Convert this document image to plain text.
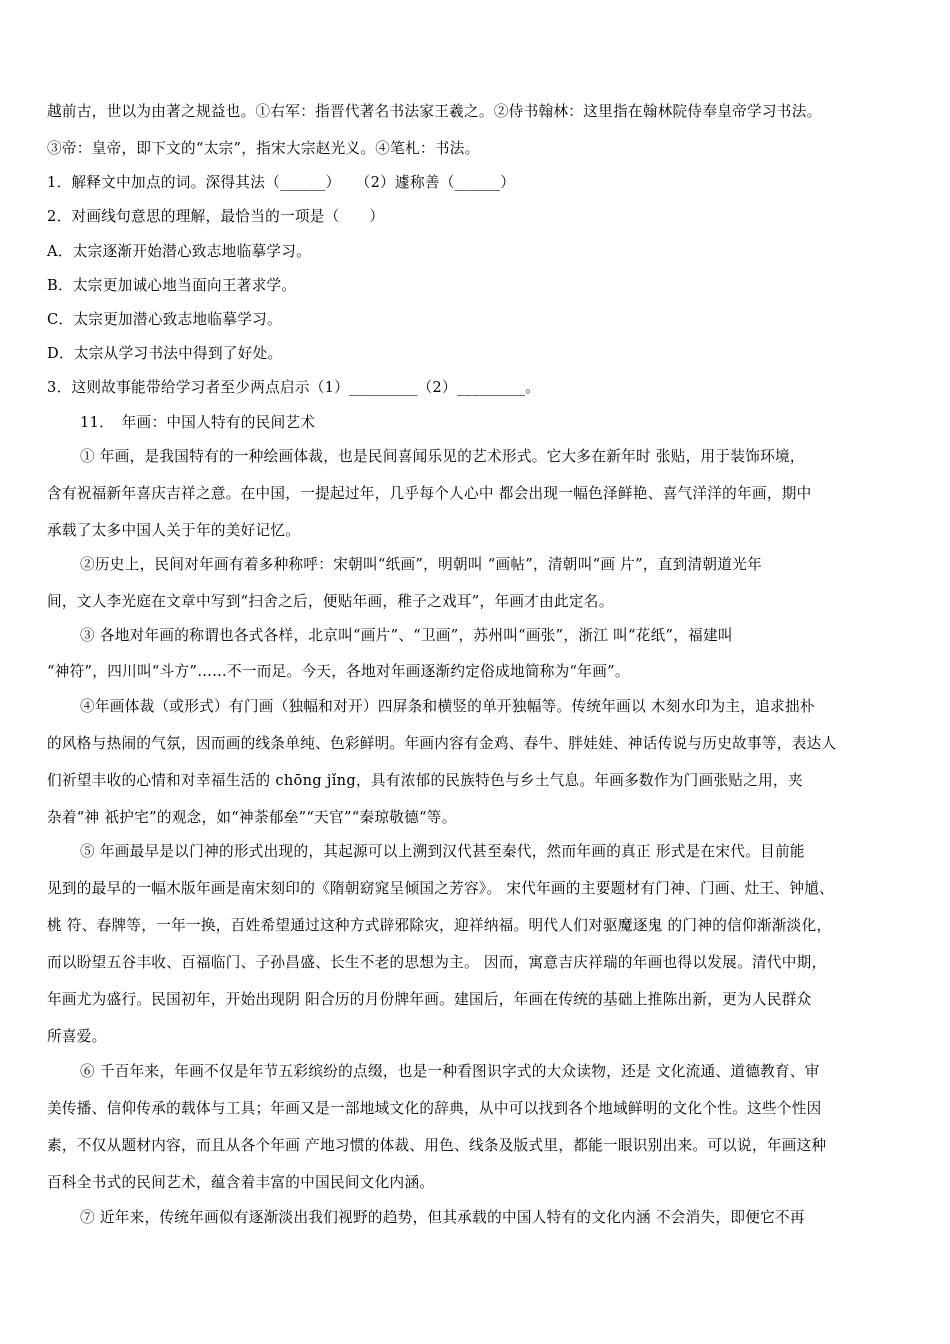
越前古，世以为由著之规益也。①右军：指晋代著名书法家王羲之。②侍书翰林：这里指在翰林院侍奉皇帝学习书法。
③帝：皇帝，即下文的“太宗”，指宋大宗赵光义。④笔札：书法。
1．解释文中加点的词。深得其法（______）　　（2）遽称善（______）
2．对画线句意思的理解，最恰当的一项是（　　）
A．太宗逐渐开始潜心致志地临摹学习。
B．太宗更加诚心地当面向王著求学。
C．太宗更加潜心致志地临摹学习。
D．太宗从学习书法中得到了好处。
3．这则故事能带给学习者至少两点启示（1）_________（2）_________。
11．　年画：中国人特有的民间艺术
① 年画，是我国特有的一种绘画体裁，也是民间喜闻乐见的艺术形式。它大多在新年时 张贴，用于装饰环境，
含有祝福新年喜庆吉祥之意。在中国，一提起过年，几乎每个人心中 都会出现一幅色泽鲜艳、喜气洋洋的年画，期中
承载了太多中国人关于年的美好记忆。
②历史上，民间对年画有着多种称呼：宋朝叫“纸画”，明朝叫 “画帖”，清朝叫“画 片”，直到清朝道光年
间，文人李光庭在文章中写到“扫舍之后，便贴年画，稚子之戏耳”，年画才由此定名。
③ 各地对年画的称谓也各式各样，北京叫“画片”、“卫画”，苏州叫“画张”，浙江 叫“花纸”，福建叫
“神符”，四川叫“斗方”……不一而足。今天，各地对年画逐渐约定俗成地简称为“年画”。
④年画体裁（或形式）有门画（独幅和对开）四屏条和横竖的单开独幅等。传统年画以 木刻水印为主，追求拙朴
的风格与热闹的气氛，因而画的线条单纯、色彩鲜明。年画内容有金鸡、春牛、胖娃娃、神话传说与历史故事等，表达人
们祈望丰收的心情和对幸福生活的 chōng jǐng，具有浓郁的民族特色与乡土气息。年画多数作为门画张贴之用，夹
杂着“神 祇护宅”的观念，如“神荼郁垒”“天官”“秦琼敬德“等。
⑤ 年画最早是以门神的形式出现的，其起源可以上溯到汉代甚至秦代，然而年画的真正 形式是在宋代。目前能
见到的最早的一幅木版年画是南宋刻印的《隋朝窈窕呈倾国之芳容》。 宋代年画的主要题材有门神、门画、灶王、钟馗、
桃 符、春牌等，一年一换，百姓希望通过这种方式辟邪除灾，迎祥纳福。明代人们对驱魔逐鬼 的门神的信仰渐渐淡化，
而以盼望五谷丰收、百福临门、子孙昌盛、长生不老的思想为主。 因而，寓意吉庆祥瑞的年画也得以发展。清代中期，
年画尤为盛行。民国初年，开始出现阴 阳合历的月份牌年画。建国后，年画在传统的基础上推陈出新，更为人民群众
所喜爱。
⑥ 千百年来，年画不仅是年节五彩缤纷的点缀，也是一种看图识字式的大众读物，还是 文化流通、道德教育、审
美传播、信仰传承的载体与工具；年画又是一部地域文化的辞典，从中可以找到各个地域鲜明的文化个性。这些个性因
素，不仅从题材内容，而且从各个年画 产地习惯的体裁、用色、线条及版式里，都能一眼识别出来。可以说，年画这种
百科全书式的民间艺术，蕴含着丰富的中国民间文化内涵。
⑦ 近年来，传统年画似有逐渐淡出我们视野的趋势，但其承载的中国人特有的文化内涵 不会消失，即便它不再
